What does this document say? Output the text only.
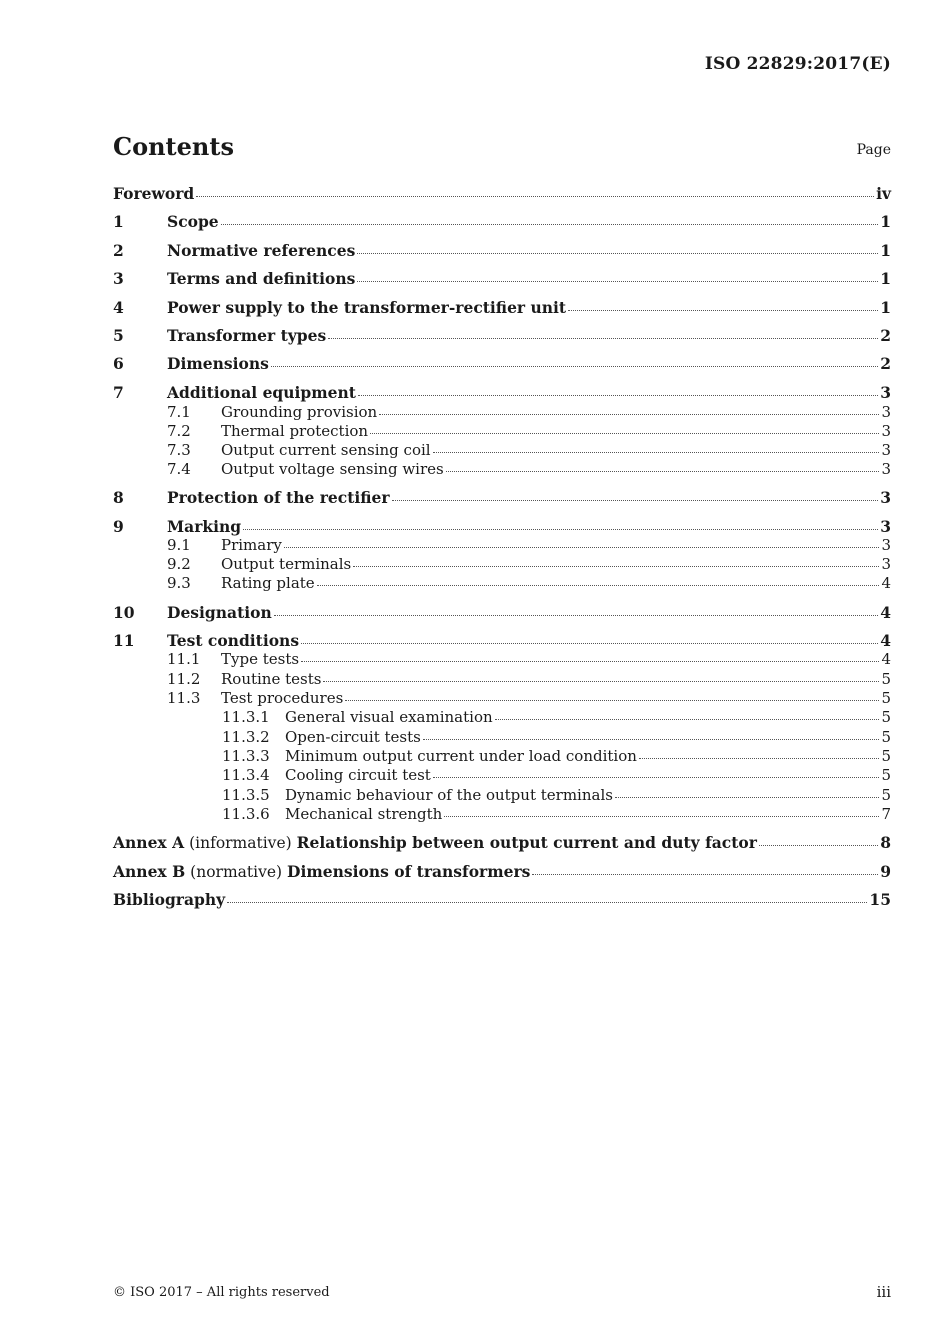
ISO 22829:2017(E)
Contents	Page
Foreword	iv
1	Scope	1
2	Normative references	1
3	Terms and definitions	1
4	Power supply to the transformer-rectifier unit	1
5	Transformer types	2
6	Dimensions	2
7	Additional equipment	3
7.1	Grounding provision	3
7.2	Thermal protection	3
7.3	Output current sensing coil	3
7.4	Output voltage sensing wires	3
8	Protection of the rectifier	3
9	Marking	3
9.1	Primary	3
9.2	Output terminals	3
9.3	Rating plate	4
10	Designation	4
11	Test conditions	4
11.1	Type tests	4
11.2	Routine tests	5
11.3	Test procedures	5
11.3.1	General visual examination	5
11.3.2	Open-circuit tests	5
11.3.3	Minimum output current under load condition	5
11.3.4	Cooling circuit test	5
11.3.5	Dynamic behaviour of the output terminals	5
11.3.6	Mechanical strength	7
Annex A (informative) Relationship between output current and duty factor	8
Annex B (normative) Dimensions of transformers	9
Bibliography	15
© ISO 2017 – All rights reserved	iii
